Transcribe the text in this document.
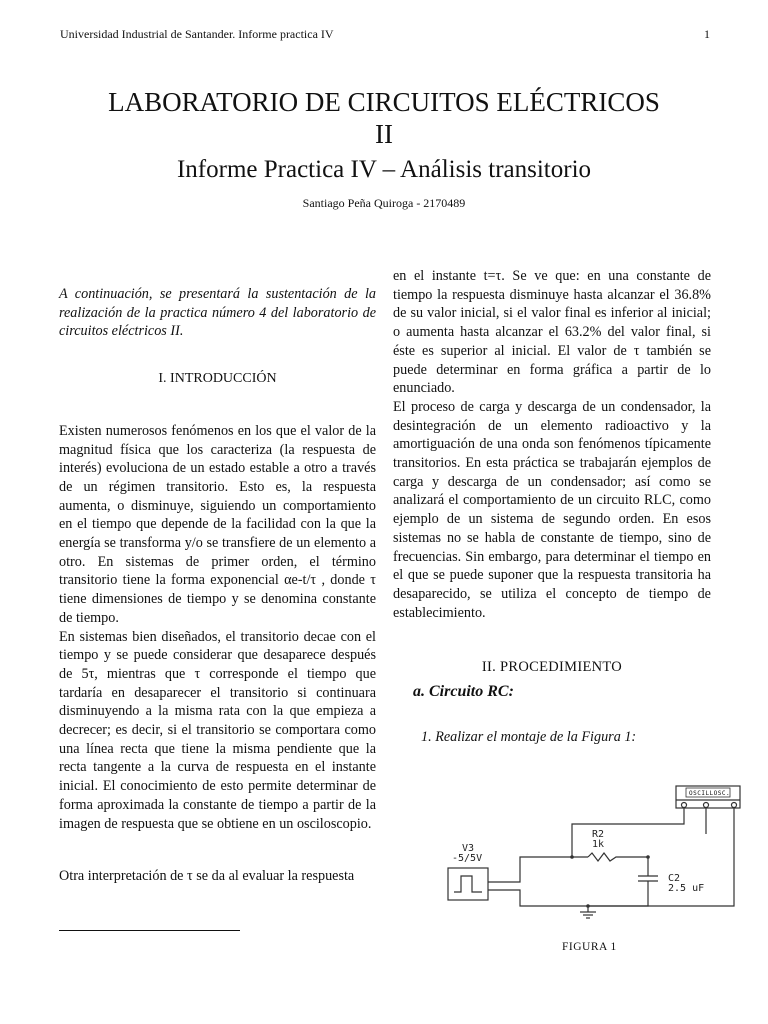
Universidad Industrial de Santander. Informe practica IV	1
LABORATORIO DE CIRCUITOS ELÉCTRICOS
II
Informe Practica IV – Análisis transitorio
Santiago Peña Quiroga - 2170489

A continuación, se presentará la sustentación de la realización de la practica número 4 del laboratorio de circuitos eléctricos II.

I. INTRODUCCIÓN

Existen numerosos fenómenos en los que el valor de la magnitud física que los caracteriza (la respuesta de interés) evoluciona de un estado estable a otro a través de un régimen transitorio. Esto es, la respuesta aumenta, o disminuye, siguiendo un comportamiento en el tiempo que depende de la facilidad con la que la energía se transforma y/o se transfiere de un elemento a otro. En sistemas de primer orden, el término transitorio tiene la forma exponencial αe-t/τ , donde τ tiene dimensiones de tiempo y se denomina constante de tiempo.

En sistemas bien diseñados, el transitorio decae con el tiempo y se puede considerar que desaparece después de 5τ, mientras que τ corresponde el tiempo que tardaría en desaparecer el transitorio si continuara disminuyendo a la misma rata con la que empieza a decrecer; es decir, si el transitorio se comportara como una línea recta que tiene la misma pendiente que la recta tangente a la curva de respuesta en el instante inicial. El conocimiento de esto permite determinar de forma aproximada la constante de tiempo a partir de la imagen de respuesta que se obtiene en un osciloscopio.

Otra interpretación de τ se da al evaluar la respuesta

en el instante t=τ. Se ve que: en una constante de tiempo la respuesta disminuye hasta alcanzar el 36.8% de su valor inicial, si el valor final es inferior al inicial; o aumenta hasta alcanzar el 63.2% del valor final, si éste es superior al inicial. El valor de τ también se puede determinar en forma gráfica a partir de lo enunciado.

El proceso de carga y descarga de un condensador, la desintegración de un elemento radioactivo y la amortiguación de una onda son fenómenos típicamente transitorios. En esta práctica se trabajarán ejemplos de carga y descarga de un condensador; así como se analizará el comportamiento de un circuito RLC, como ejemplo de un sistema de segundo orden. En esos sistemas no se habla de constante de tiempo, sino de frecuencias. Sin embargo, para determinar el tiempo en el que se puede suponer que la respuesta transitoria ha desaparecido, se utiliza el concepto de tiempo de establecimiento.

II. PROCEDIMIENTO

a. Circuito RC:

1. Realizar el montaje de la Figura 1:

OSCILLOSC.
V3
-5/5V
R2
1k
C2
2.5 uF
FIGURA 1
